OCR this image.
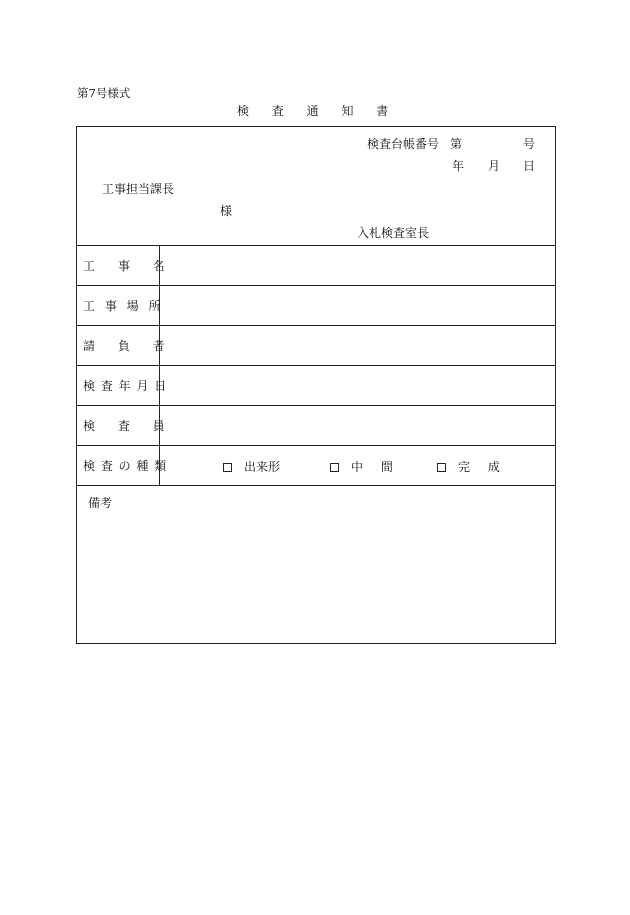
第7号様式
検 査 通 知 書
検査台帳番号 第	号
年 月 日
工事担当課長
様
入札検査室長
工 事 名
工 事 場 所
請 負 者
検 査 年 月 日
検 査 員
検 査 の 種 類	出来形	中 間	完 成
備考
